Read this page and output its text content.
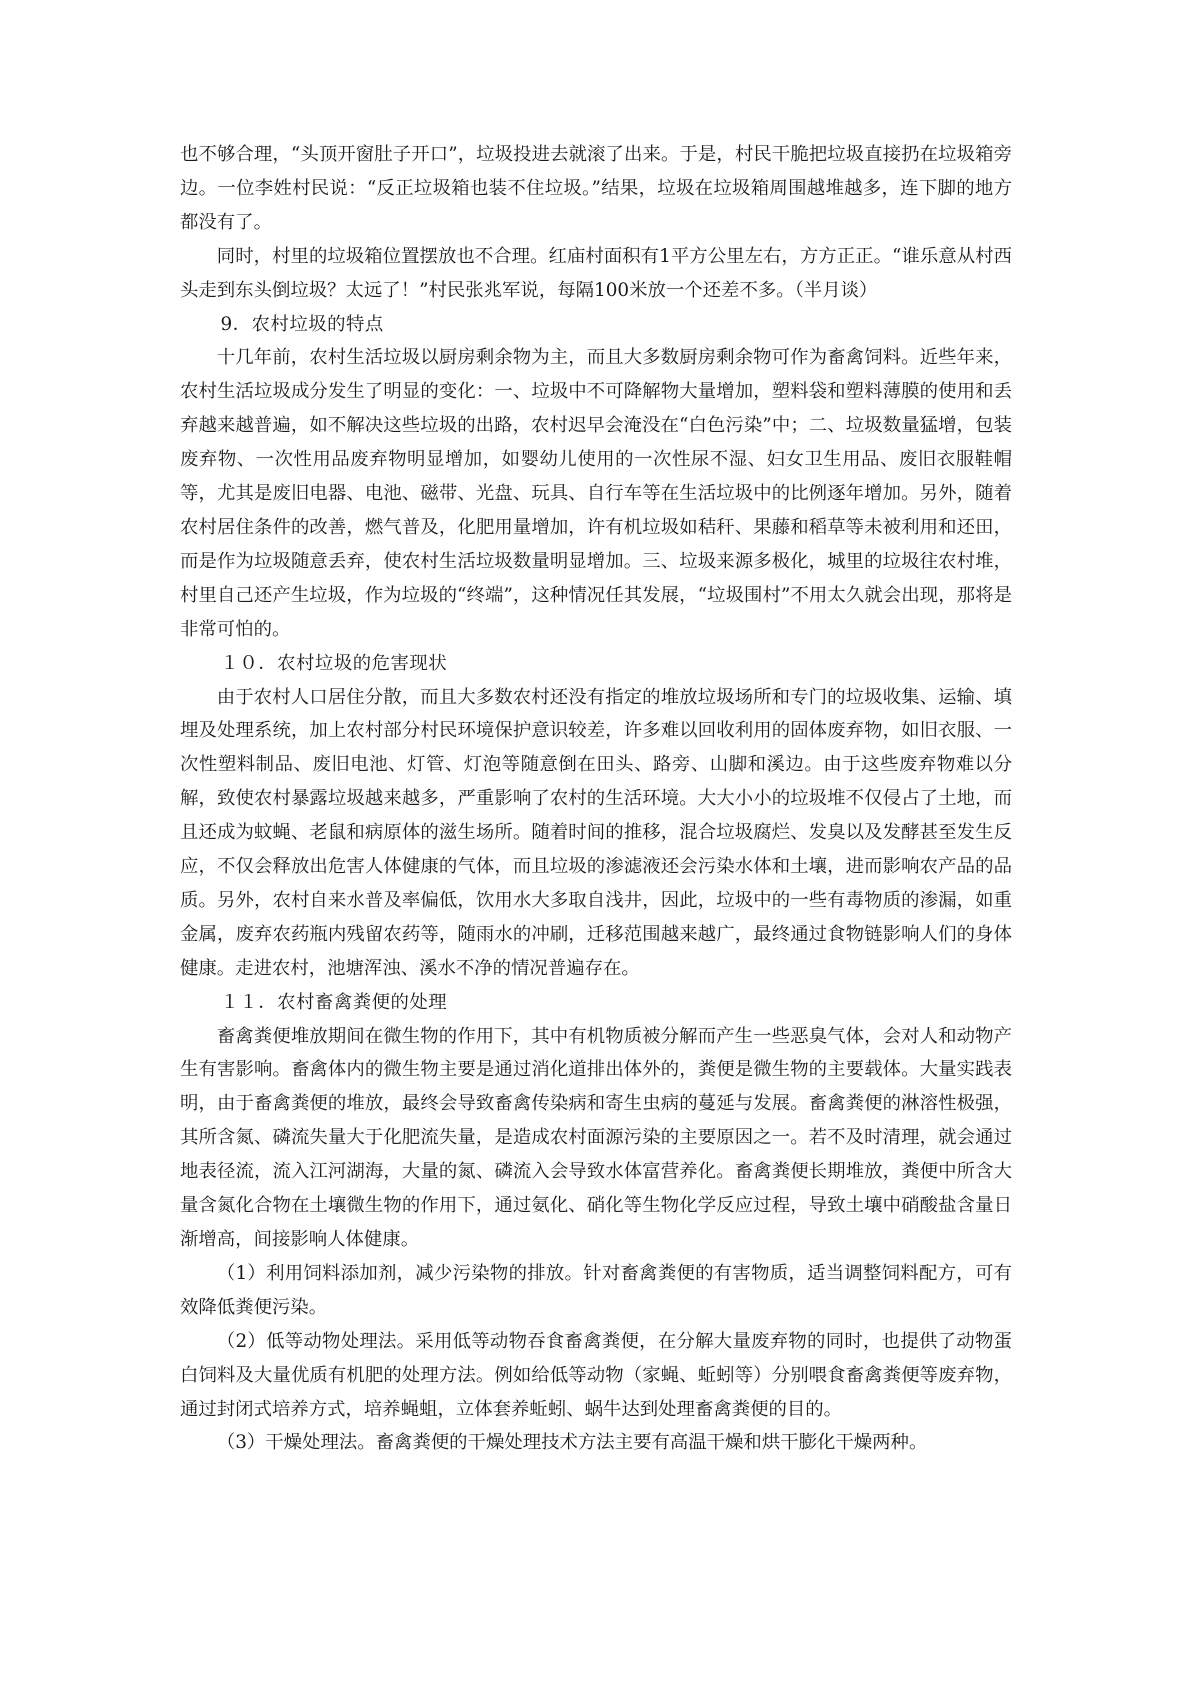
也不够合理，“头顶开窗肚子开口”，垃圾投进去就滚了出来。于是，村民干脆把垃圾直接扔在垃圾箱旁边。一位李姓村民说：“反正垃圾箱也装不住垃圾。”结果，垃圾在垃圾箱周围越堆越多，连下脚的地方都没有了。

同时，村里的垃圾箱位置摆放也不合理。红庙村面积有1平方公里左右，方方正正。“谁乐意从村西头走到东头倒垃圾？太远了！”村民张兆军说，每隔100米放一个还差不多。（半月谈）

9．农村垃圾的特点

十几年前，农村生活垃圾以厨房剩余物为主，而且大多数厨房剩余物可作为畜禽饲料。近些年来，农村生活垃圾成分发生了明显的变化：一、垃圾中不可降解物大量增加，塑料袋和塑料薄膜的使用和丢弃越来越普遍，如不解决这些垃圾的出路，农村迟早会淹没在“白色污染”中；二、垃圾数量猛增，包装废弃物、一次性用品废弃物明显增加，如婴幼儿使用的一次性尿不湿、妇女卫生用品、废旧衣服鞋帽等，尤其是废旧电器、电池、磁带、光盘、玩具、自行车等在生活垃圾中的比例逐年增加。另外，随着农村居住条件的改善，燃气普及，化肥用量增加，许有机垃圾如秸秆、果藤和稻草等未被利用和还田，而是作为垃圾随意丢弃，使农村生活垃圾数量明显增加。三、垃圾来源多极化，城里的垃圾往农村堆，村里自己还产生垃圾，作为垃圾的“终端”，这种情况任其发展，“垃圾围村”不用太久就会出现，那将是非常可怕的。

１０．农村垃圾的危害现状

由于农村人口居住分散，而且大多数农村还没有指定的堆放垃圾场所和专门的垃圾收集、运输、填埋及处理系统，加上农村部分村民环境保护意识较差，许多难以回收利用的固体废弃物，如旧衣服、一次性塑料制品、废旧电池、灯管、灯泡等随意倒在田头、路旁、山脚和溪边。由于这些废弃物难以分解，致使农村暴露垃圾越来越多，严重影响了农村的生活环境。大大小小的垃圾堆不仅侵占了土地，而且还成为蚊蝇、老鼠和病原体的滋生场所。随着时间的推移，混合垃圾腐烂、发臭以及发酵甚至发生反应，不仅会释放出危害人体健康的气体，而且垃圾的渗滤液还会污染水体和土壤，进而影响农产品的品质。另外，农村自来水普及率偏低，饮用水大多取自浅井，因此，垃圾中的一些有毒物质的渗漏，如重金属，废弃农药瓶内残留农药等，随雨水的冲刷，迁移范围越来越广，最终通过食物链影响人们的身体健康。走进农村，池塘浑浊、溪水不净的情况普遍存在。

１１．农村畜禽粪便的处理

畜禽粪便堆放期间在微生物的作用下，其中有机物质被分解而产生一些恶臭气体，会对人和动物产生有害影响。畜禽体内的微生物主要是通过消化道排出体外的，粪便是微生物的主要载体。大量实践表明，由于畜禽粪便的堆放，最终会导致畜禽传染病和寄生虫病的蔓延与发展。畜禽粪便的淋溶性极强，其所含氮、磷流失量大于化肥流失量，是造成农村面源污染的主要原因之一。若不及时清理，就会通过地表径流，流入江河湖海，大量的氮、磷流入会导致水体富营养化。畜禽粪便长期堆放，粪便中所含大量含氮化合物在土壤微生物的作用下，通过氨化、硝化等生物化学反应过程，导致土壤中硝酸盐含量日渐增高，间接影响人体健康。

（1）利用饲料添加剂，减少污染物的排放。针对畜禽粪便的有害物质，适当调整饲料配方，可有效降低粪便污染。

（2）低等动物处理法。采用低等动物吞食畜禽粪便，在分解大量废弃物的同时，也提供了动物蛋白饲料及大量优质有机肥的处理方法。例如给低等动物（家蝇、蚯蚓等）分别喂食畜禽粪便等废弃物，通过封闭式培养方式，培养蝇蛆，立体套养蚯蚓、蜗牛达到处理畜禽粪便的目的。

（3）干燥处理法。畜禽粪便的干燥处理技术方法主要有高温干燥和烘干膨化干燥两种。
